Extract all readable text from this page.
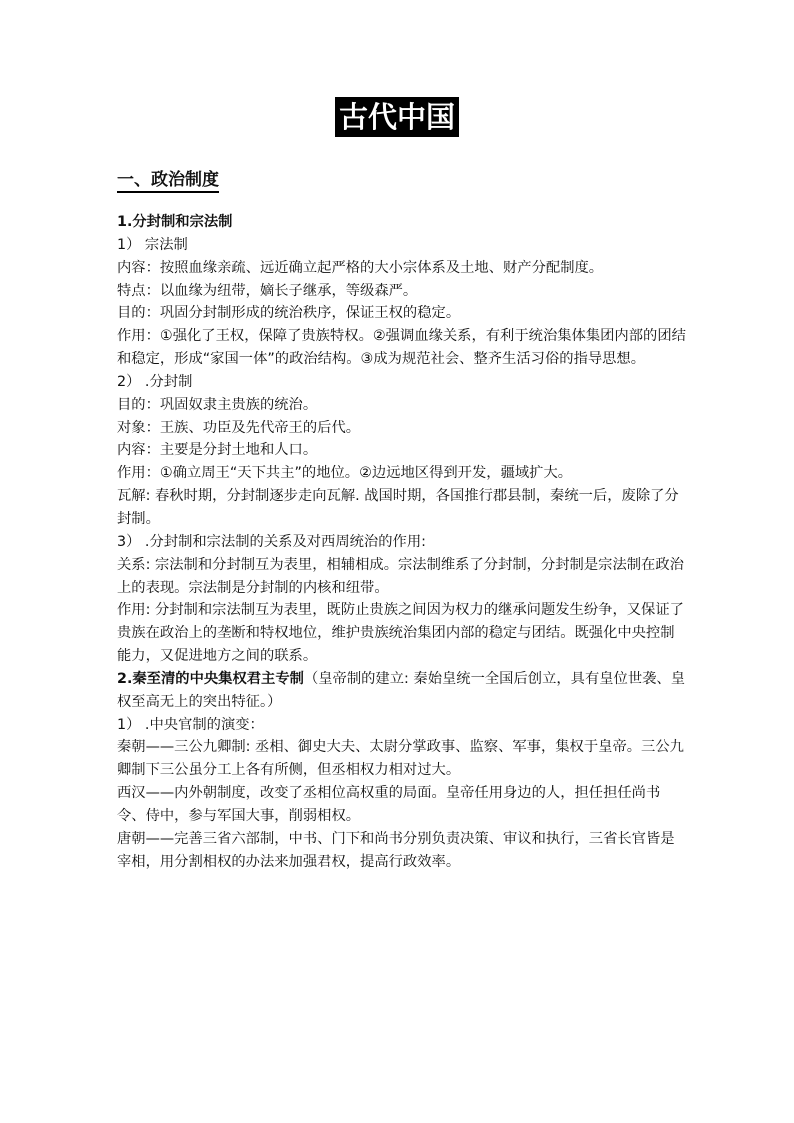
古代中国
一、政治制度

1.分封制和宗法制

1） 宗法制

内容：按照血缘亲疏、远近确立起严格的大小宗体系及土地、财产分配制度。

特点：以血缘为纽带，嫡长子继承，等级森严。

目的：巩固分封制形成的统治秩序，保证王权的稳定。

作用：①强化了王权，保障了贵族特权。②强调血缘关系，有利于统治集体集团内部的团结和稳定，形成“家国一体”的政治结构。③成为规范社会、整齐生活习俗的指导思想。

2） .分封制

目的：巩固奴隶主贵族的统治。

对象：王族、功臣及先代帝王的后代。

内容：主要是分封土地和人口。

作用：①确立周王“天下共主”的地位。②边远地区得到开发，疆域扩大。

瓦解: 春秋时期，分封制逐步走向瓦解. 战国时期，各国推行郡县制，秦统一后，废除了分封制。

3） .分封制和宗法制的关系及对西周统治的作用:

关系: 宗法制和分封制互为表里，相辅相成。宗法制维系了分封制，分封制是宗法制在政治上的表现。宗法制是分封制的内核和纽带。

作用: 分封制和宗法制互为表里，既防止贵族之间因为权力的继承问题发生纷争，又保证了贵族在政治上的垄断和特权地位，维护贵族统治集团内部的稳定与团结。既强化中央控制能力，又促进地方之间的联系。

2.秦至清的中央集权君主专制（皇帝制的建立: 秦始皇统一全国后创立，具有皇位世袭、皇权至高无上的突出特征。）

1） .中央官制的演变：

秦朝——三公九卿制: 丞相、御史大夫、太尉分掌政事、监察、军事，集权于皇帝。三公九卿制下三公虽分工上各有所侧，但丞相权力相对过大。

西汉——内外朝制度，改变了丞相位高权重的局面。皇帝任用身边的人，担任担任尚书令、侍中，参与军国大事，削弱相权。

唐朝——完善三省六部制，中书、门下和尚书分别负责决策、审议和执行，三省长官皆是宰相，用分割相权的办法来加强君权，提高行政效率。
